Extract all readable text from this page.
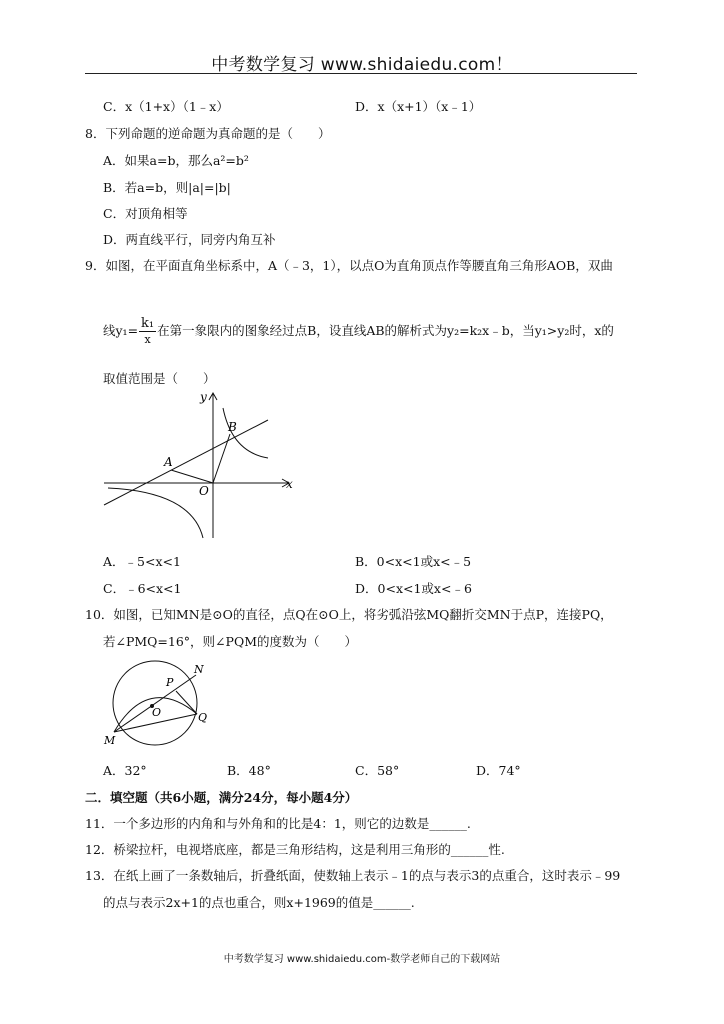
中考数学复习 www.shidaiedu.com！
C．x（1+x）（1﹣x）	D．x（x+1）（x﹣1）
8．下列命题的逆命题为真命题的是（　　）
A．如果a=b，那么a²=b²
B．若a=b，则|a|=|b|
C．对顶角相等
D．两直线平行，同旁内角互补
9．如图，在平面直角坐标系中，A（﹣3，1），以点O为直角顶点作等腰直角三角形AOB，双曲
线$y_1= \frac{\text{k₁}}{x}$ 在第一象限内的图象经过点B，设直线AB的解析式为y₂=k₂x﹣b，当y₁>y₂时，x的
取值范围是（　　）
y
x
A
B
O
A．﹣5<x<1	B．0<x<1或x<﹣5
C．﹣6<x<1	D．0<x<1或x<﹣6
10．如图，已知MN是⊙O的直径，点Q在⊙O上，将劣弧沿弦MQ翻折交MN于点P，连接PQ，
若∠PMQ=16°，则∠PQM的度数为（　　）
N
P
O	Q
M
A．32°	B．48°	C．58°	D．74°
二．填空题（共6小题，满分24分，每小题4分）
11．一个多边形的内角和与外角和的比是4：1，则它的边数是______.
12．桥梁拉杆，电视塔底座，都是三角形结构，这是利用三角形的______性.
13．在纸上画了一条数轴后，折叠纸面，使数轴上表示﹣1的点与表示3的点重合，这时表示﹣99
的点与表示2x+1的点也重合，则x+1969的值是______.
中考数学复习 www.shidaiedu.com-数学老师自己的下载网站
